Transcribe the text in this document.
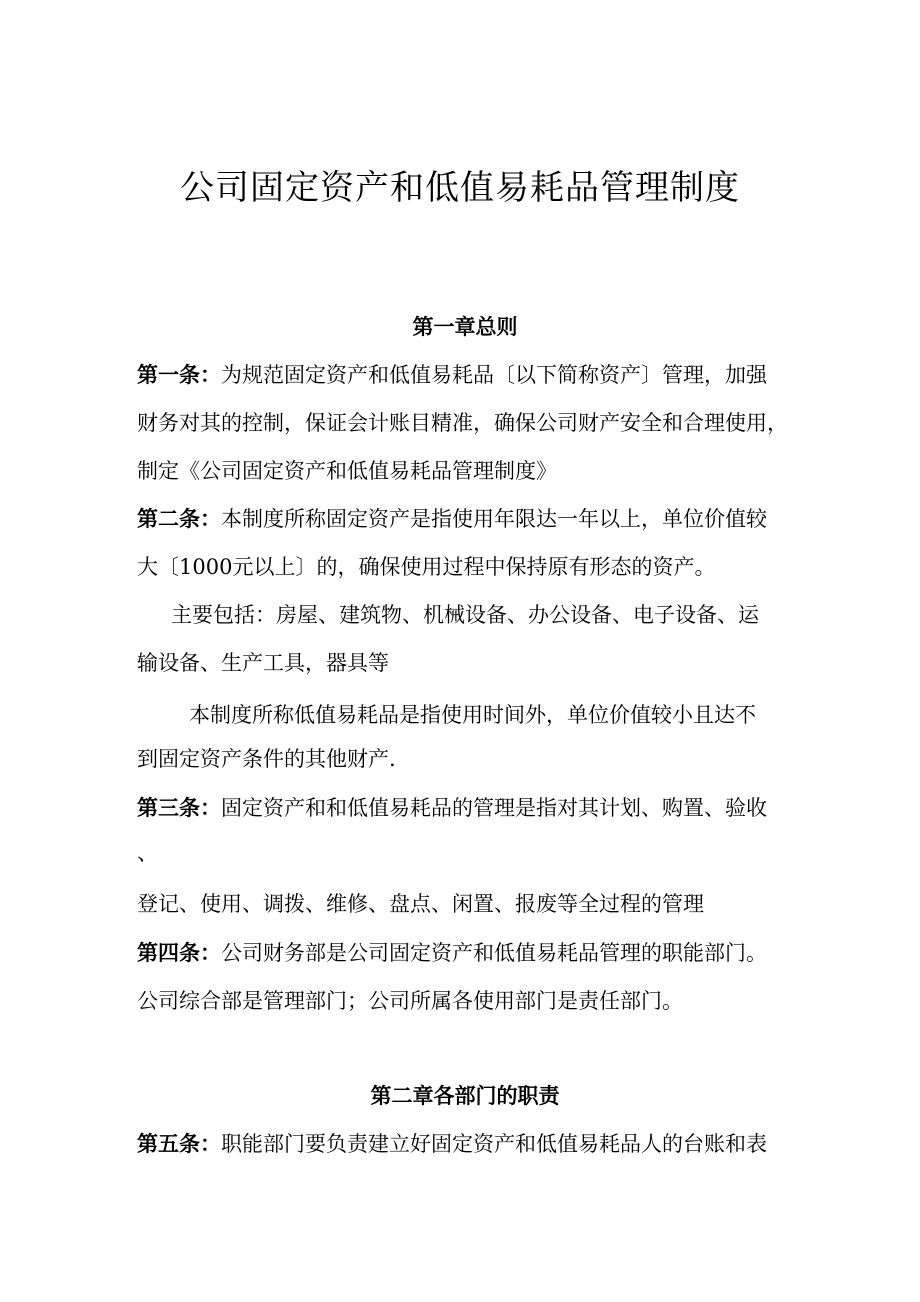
公司固定资产和低值易耗品管理制度
第一章总则

第一条：为规范固定资产和低值易耗品〔以下简称资产〕管理，加强

财务对其的控制，保证会计账目精准，确保公司财产安全和合理使用，

制定《公司固定资产和低值易耗品管理制度》

第二条：本制度所称固定资产是指使用年限达一年以上，单位价值较

大〔1000元以上〕的，确保使用过程中保持原有形态的资产。

主要包括：房屋、建筑物、机械设备、办公设备、电子设备、运

输设备、生产工具，器具等

本制度所称低值易耗品是指使用时间外，单位价值较小且达不

到固定资产条件的其他财产.

第三条：固定资产和和低值易耗品的管理是指对其计划、购置、验收

、

登记、使用、调拨、维修、盘点、闲置、报废等全过程的管理

第四条：公司财务部是公司固定资产和低值易耗品管理的职能部门。

公司综合部是管理部门；公司所属各使用部门是责任部门。

第二章各部门的职责

第五条：职能部门要负责建立好固定资产和低值易耗品人的台账和表
